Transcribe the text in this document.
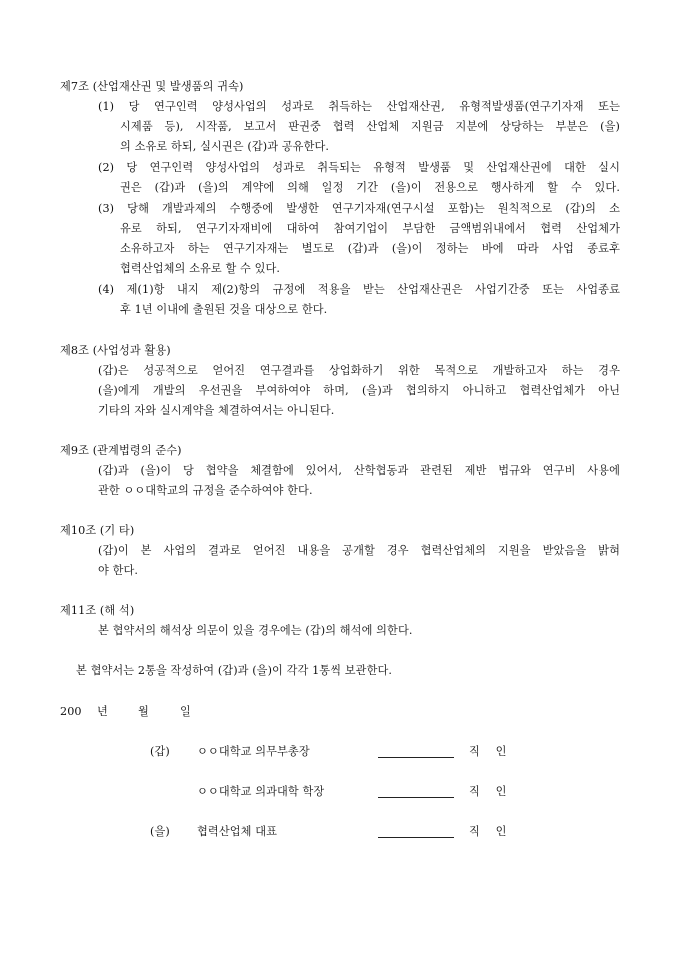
제7조 (산업재산권 및 발생품의 귀속)
(1) 당 연구인력 양성사업의 성과로 취득하는 산업재산권, 유형적발생품(연구기자재 또는
시제품 등), 시작품, 보고서 판권중 협력 산업체 지원금 지분에 상당하는 부분은 (을)
의 소유로 하되, 실시권은 (갑)과 공유한다.
(2) 당 연구인력 양성사업의 성과로 취득되는 유형적 발생품 및 산업재산권에 대한 실시
권은 (갑)과 (을)의 계약에 의해 일정 기간 (을)이 전용으로 행사하게 할 수 있다.
(3) 당해 개발과제의 수행중에 발생한 연구기자재(연구시설 포함)는 원칙적으로 (갑)의 소
유로 하되, 연구기자재비에 대하여 참여기업이 부담한 금액범위내에서 협력 산업체가
소유하고자 하는 연구기자재는 별도로 (갑)과 (을)이 정하는 바에 따라 사업 종료후
협력산업체의 소유로 할 수 있다.
(4) 제(1)항 내지 제(2)항의 규정에 적용을 받는 산업재산권은 사업기간중 또는 사업종료
후 1년 이내에 출원된 것을 대상으로 한다.
제8조 (사업성과 활용)
(갑)은 성공적으로 얻어진 연구결과를 상업화하기 위한 목적으로 개발하고자 하는 경우
(을)에게 개발의 우선권을 부여하여야 하며, (을)과 협의하지 아니하고 협력산업체가 아닌
기타의 자와 실시계약을 체결하여서는 아니된다.
제9조 (관계법령의 준수)
(갑)과 (을)이 당 협약을 체결함에 있어서, 산학협동과 관련된 제반 법규와 연구비 사용에
관한 ㅇㅇ대학교의 규정을 준수하여야 한다.
제10조 (기 타)
(갑)이 본 사업의 결과로 얻어진 내용을 공개할 경우 협력산업체의 지원을 받았음을 밝혀
야 한다.
제11조 (해 석)
본 협약서의 해석상 의문이 있을 경우에는 (갑)의 해석에 의한다.
본 협약서는 2통을 작성하여 (갑)과 (을)이 각각 1통씩 보관한다.
200 년	월	일
(갑) ㅇㅇ대학교 의무부총장	직 인
ㅇㅇ대학교 의과대학 학장	직 인
(을) 협력산업체 대표	직 인
